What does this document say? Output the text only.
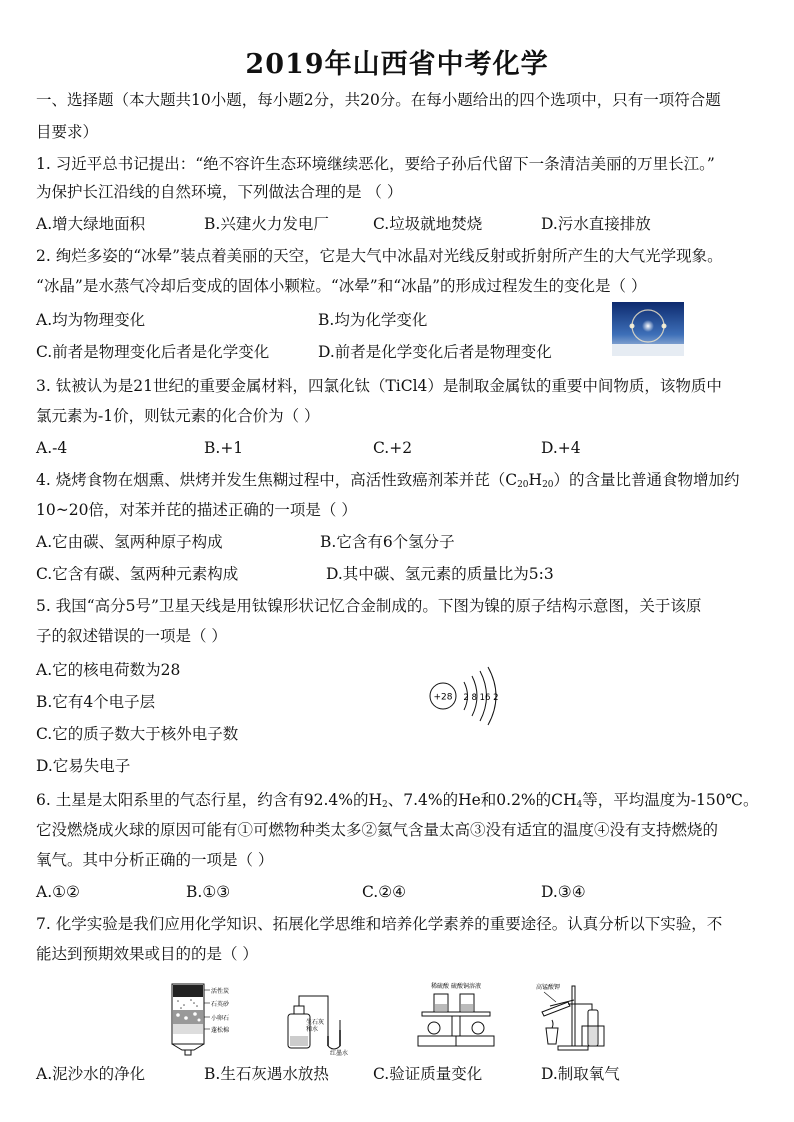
2019年山西省中考化学
一、选择题（本大题共10小题，每小题2分，共20分。在每小题给出的四个选项中，只有一项符合题
目要求）
1. 习近平总书记提出：“绝不容许生态环境继续恶化，要给子孙后代留下一条清洁美丽的万里长江。”
为保护长江沿线的自然环境，下列做法合理的是 （ ）
A.增大绿地面积	B.兴建火力发电厂	C.垃圾就地焚烧	D.污水直接排放
2. 绚烂多姿的“冰晕”装点着美丽的天空，它是大气中冰晶对光线反射或折射所产生的大气光学现象。
“冰晶”是水蒸气冷却后变成的固体小颗粒。“冰晕”和“冰晶”的形成过程发生的变化是（ ）
A.均为物理变化	B.均为化学变化
C.前者是物理变化后者是化学变化	D.前者是化学变化后者是物理变化
3. 钛被认为是21世纪的重要金属材料，四氯化钛（TiCl4）是制取金属钛的重要中间物质，该物质中
氯元素为-1价，则钛元素的化合价为（ ）
A.-4	B.+1	C.+2	D.+4
4. 烧烤食物在烟熏、烘烤并发生焦糊过程中，高活性致癌剂苯并芘$(C_{20}H_{20})$的含量比普通食物增加约
10~20倍，对苯并芘的描述正确的一项是（ ）
A.它由碳、氢两种原子构成	B.它含有6个氢分子
C.它含有碳、氢两种元素构成	D.其中碳、氢元素的质量比为5:3
5. 我国“高分5号”卫星天线是用钛镍形状记忆合金制成的。下图为镍的原子结构示意图，关于该原
子的叙述错误的一项是（ ）
A.它的核电荷数为28
B.它有4个电子层
C.它的质子数大于核外电子数
D.它易失电子
+28 2 8 16 2
6. 土星是太阳系里的气态行星，约含有92.4%的$H_2$、7.4%的He和0.2%的$CH_4$等，平均温度为-150℃。
它没燃烧成火球的原因可能有①可燃物种类太多②氦气含量太高③没有适宜的温度④没有支持燃烧的
氧气。其中分析正确的一项是（ ）
A.①②	B.①③	C.②④	D.③④
7. 化学实验是我们应用化学知识、拓展化学思维和培养化学素养的重要途径。认真分析以下实验，不
能达到预期效果或目的的是（ ）
活性炭
石英砂
小卵石
蓬松棉
生石灰
和水
红墨水
稀硫酸 硫酸铜溶液	高锰酸钾
A.泥沙水的净化	B.生石灰遇水放热	C.验证质量变化	D.制取氧气
